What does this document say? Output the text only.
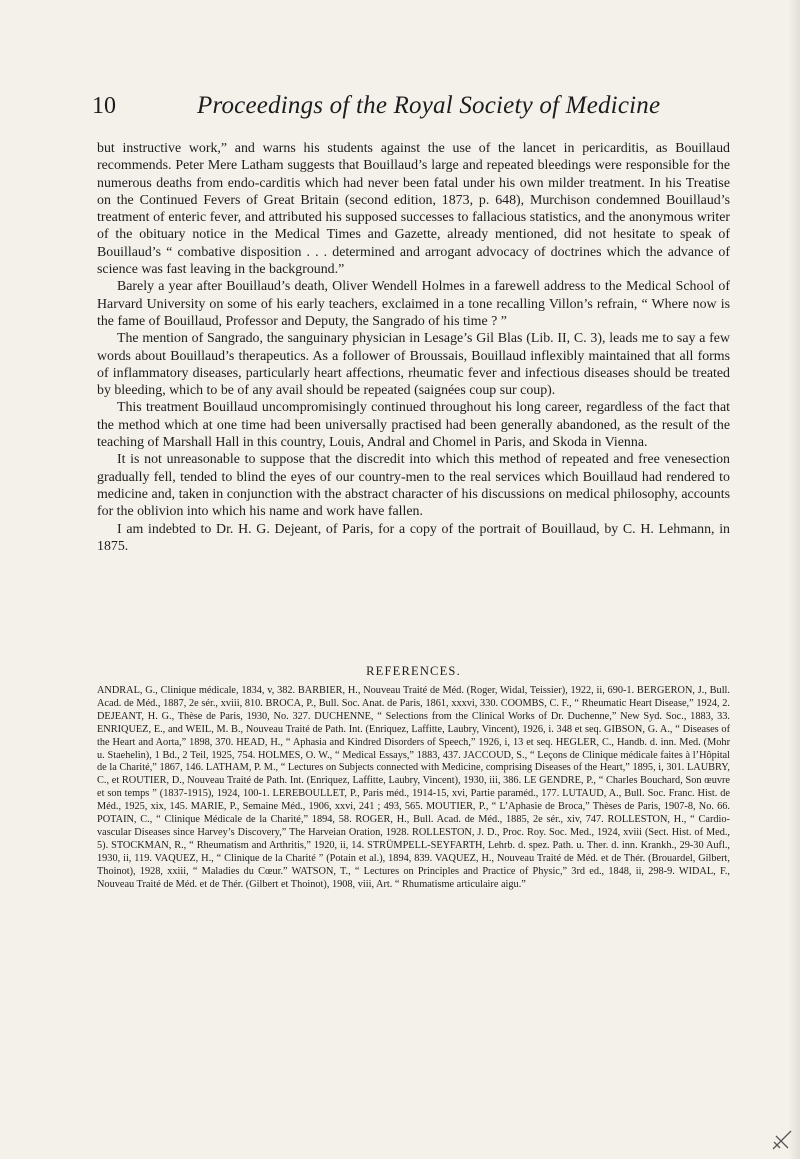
10	Proceedings of the Royal Society of Medicine

but instructive work,” and warns his students against the use of the lancet in pericarditis, as Bouillaud recommends. Peter Mere Latham suggests that Bouillaud’s large and repeated bleedings were responsible for the numerous deaths from endo-carditis which had never been fatal under his own milder treatment. In his Treatise on the Continued Fevers of Great Britain (second edition, 1873, p. 648), Murchison condemned Bouillaud’s treatment of enteric fever, and attributed his supposed successes to fallacious statistics, and the anonymous writer of the obituary notice in the Medical Times and Gazette, already mentioned, did not hesitate to speak of Bouillaud’s “ combative disposition . . . determined and arrogant advocacy of doctrines which the advance of science was fast leaving in the background.”

Barely a year after Bouillaud’s death, Oliver Wendell Holmes in a farewell address to the Medical School of Harvard University on some of his early teachers, exclaimed in a tone recalling Villon’s refrain, “ Where now is the fame of Bouillaud, Professor and Deputy, the Sangrado of his time ? ”

The mention of Sangrado, the sanguinary physician in Lesage’s Gil Blas (Lib. II, C. 3), leads me to say a few words about Bouillaud’s therapeutics. As a follower of Broussais, Bouillaud inflexibly maintained that all forms of inflammatory diseases, particularly heart affections, rheumatic fever and infectious diseases should be treated by bleeding, which to be of any avail should be repeated (saignées coup sur coup).

This treatment Bouillaud uncompromisingly continued throughout his long career, regardless of the fact that the method which at one time had been universally practised had been generally abandoned, as the result of the teaching of Marshall Hall in this country, Louis, Andral and Chomel in Paris, and Skoda in Vienna.

It is not unreasonable to suppose that the discredit into which this method of repeated and free venesection gradually fell, tended to blind the eyes of our country-men to the real services which Bouillaud had rendered to medicine and, taken in conjunction with the abstract character of his discussions on medical philosophy, accounts for the oblivion into which his name and work have fallen.

I am indebted to Dr. H. G. Dejeant, of Paris, for a copy of the portrait of Bouillaud, by C. H. Lehmann, in 1875.

REFERENCES.

ANDRAL, G., Clinique médicale, 1834, v, 382. BARBIER, H., Nouveau Traité de Méd. (Roger, Widal, Teissier), 1922, ii, 690-1. BERGERON, J., Bull. Acad. de Méd., 1887, 2e sér., xviii, 810. BROCA, P., Bull. Soc. Anat. de Paris, 1861, xxxvi, 330. COOMBS, C. F., “ Rheumatic Heart Disease,” 1924, 2. DEJEANT, H. G., Thèse de Paris, 1930, No. 327. DUCHENNE, “ Selections from the Clinical Works of Dr. Duchenne,” New Syd. Soc., 1883, 33. ENRIQUEZ, E., and WEIL, M. B., Nouveau Traité de Path. Int. (Enriquez, Laffitte, Laubry, Vincent), 1926, i. 348 et seq. GIBSON, G. A., “ Diseases of the Heart and Aorta,” 1898, 370. HEAD, H., “ Aphasia and Kindred Disorders of Speech,” 1926, i, 13 et seq. HEGLER, C., Handb. d. inn. Med. (Mohr u. Staehelin), 1 Bd., 2 Teil, 1925, 754. HOLMES, O. W., “ Medical Essays,” 1883, 437. JACCOUD, S., “ Leçons de Clinique médicale faites à l’Hôpital de la Charité,” 1867, 146. LATHAM, P. M., “ Lectures on Subjects connected with Medicine, comprising Diseases of the Heart,” 1895, i, 301. LAUBRY, C., et ROUTIER, D., Nouveau Traité de Path. Int. (Enriquez, Laffitte, Laubry, Vincent), 1930, iii, 386. LE GENDRE, P., “ Charles Bouchard, Son œuvre et son temps ” (1837-1915), 1924, 100-1. LEREBOULLET, P., Paris méd., 1914-15, xvi, Partie paraméd., 177. LUTAUD, A., Bull. Soc. Franc. Hist. de Méd., 1925, xix, 145. MARIE, P., Semaine Méd., 1906, xxvi, 241 ; 493, 565. MOUTIER, P., “ L’Aphasie de Broca,” Thèses de Paris, 1907-8, No. 66. POTAIN, C., “ Clinique Médicale de la Charité,” 1894, 58. ROGER, H., Bull. Acad. de Méd., 1885, 2e sér., xiv, 747. ROLLESTON, H., “ Cardio-vascular Diseases since Harvey’s Discovery,” The Harveian Oration, 1928. ROLLESTON, J. D., Proc. Roy. Soc. Med., 1924, xviii (Sect. Hist. of Med., 5). STOCKMAN, R., “ Rheumatism and Arthritis,” 1920, ii, 14. STRÜMPELL-SEYFARTH, Lehrb. d. spez. Path. u. Ther. d. inn. Krankh., 29-30 Aufl., 1930, ii, 119. VAQUEZ, H., “ Clinique de la Charité ” (Potain et al.), 1894, 839. VAQUEZ, H., Nouveau Traité de Méd. et de Thér. (Brouardel, Gilbert, Thoinot), 1928, xxiii, “ Maladies du Cœur.” WATSON, T., “ Lectures on Principles and Practice of Physic,” 3rd ed., 1848, ii, 298-9. WIDAL, F., Nouveau Traité de Méd. et de Thér. (Gilbert et Thoinot), 1908, viii, Art. “ Rhumatisme articulaire aigu.”
